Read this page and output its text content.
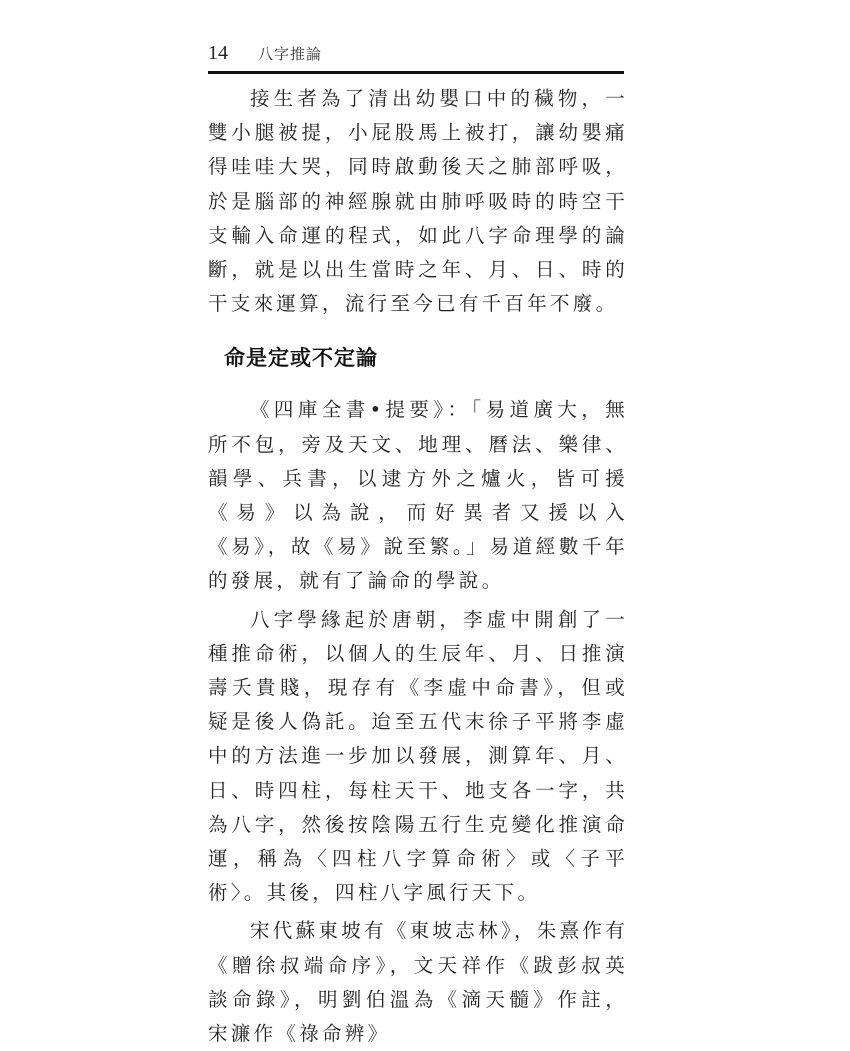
14	八字推論

接生者為了清出幼嬰口中的穢物，一雙小腿被提，小屁股馬上被打，讓幼嬰痛得哇哇大哭，同時啟動後天之肺部呼吸，於是腦部的神經腺就由肺呼吸時的時空干支輸入命運的程式，如此八字命理學的論斷，就是以出生當時之年、月、日、時的干支來運算，流行至今已有千百年不廢。

命是定或不定論

《四庫全書•提要》：「易道廣大，無所不包，旁及天文、地理、曆法、樂律、韻學、兵書，以逮方外之爐火，皆可援《易》以為說，而好異者又援以入《易》，故《易》說至繁。」易道經數千年的發展，就有了論命的學說。

八字學緣起於唐朝，李虛中開創了一種推命術，以個人的生辰年、月、日推演壽夭貴賤，現存有《李虛中命書》，但或疑是後人偽託。迨至五代末徐子平將李虛中的方法進一步加以發展，測算年、月、日、時四柱，每柱天干、地支各一字，共為八字，然後按陰陽五行生克變化推演命運，稱為〈四柱八字算命術〉或〈子平術〉。其後，四柱八字風行天下。

宋代蘇東坡有《東坡志林》，朱熹作有《贈徐叔端命序》，文天祥作《跋彭叔英談命錄》，明劉伯溫為《滴天髓》作註，宋濂作《祿命辨》
